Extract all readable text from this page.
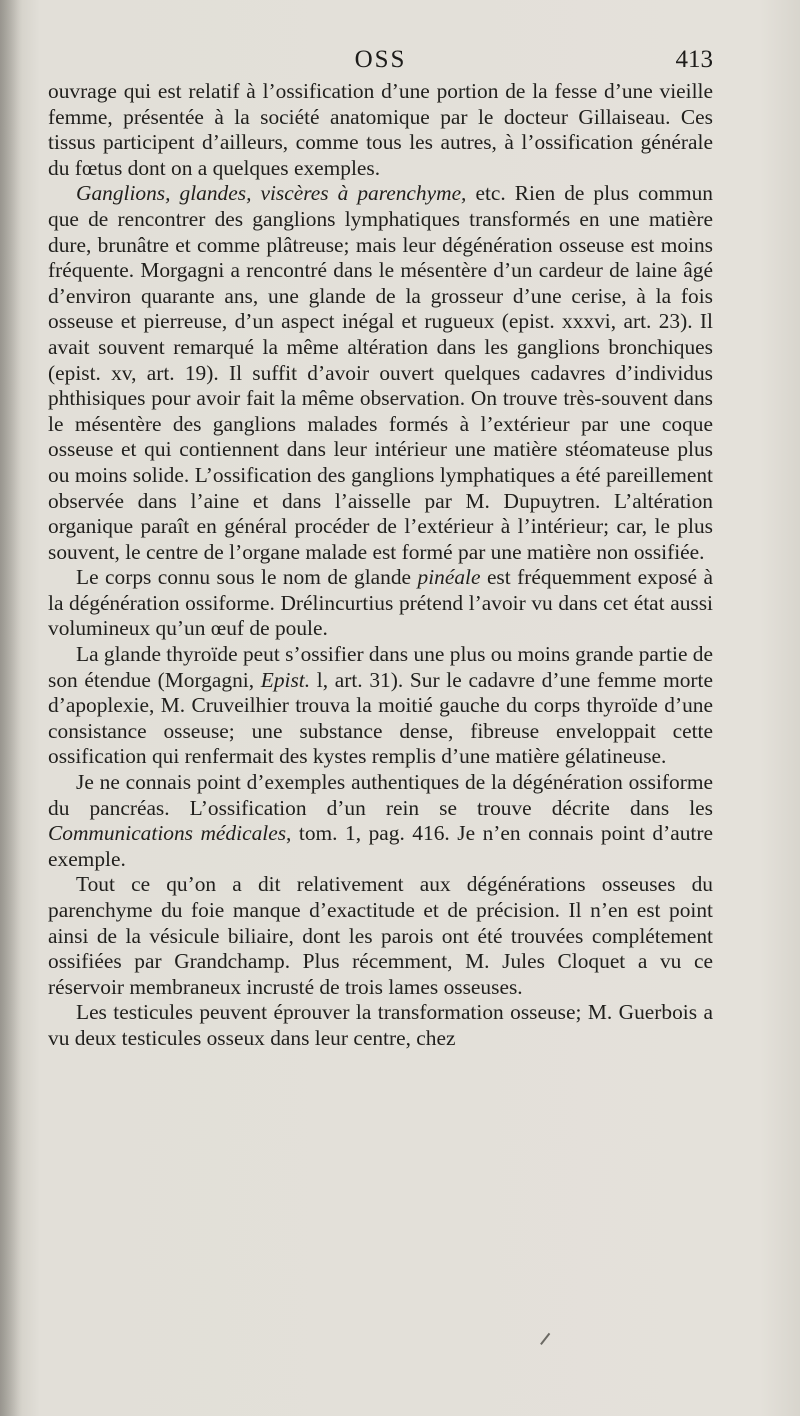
OSS	413

ouvrage qui est relatif à l’ossification d’une portion de la fesse d’une vieille femme, présentée à la société anatomique par le docteur Gillaiseau. Ces tissus participent d’ailleurs, comme tous les autres, à l’ossification générale du fœtus dont on a quelques exemples.

Ganglions, glandes, viscères à parenchyme, etc. Rien de plus commun que de rencontrer des ganglions lymphatiques transformés en une matière dure, brunâtre et comme plâtreuse; mais leur dégénération osseuse est moins fréquente. Morgagni a rencontré dans le mésentère d’un cardeur de laine âgé d’environ quarante ans, une glande de la grosseur d’une cerise, à la fois osseuse et pierreuse, d’un aspect inégal et rugueux (epist. xxxvi, art. 23). Il avait souvent remarqué la même altération dans les ganglions bronchiques (epist. xv, art. 19). Il suffit d’avoir ouvert quelques cadavres d’individus phthisiques pour avoir fait la même observation. On trouve très-souvent dans le mésentère des ganglions malades formés à l’extérieur par une coque osseuse et qui contiennent dans leur intérieur une matière stéomateuse plus ou moins solide. L’ossification des ganglions lymphatiques a été pareillement observée dans l’aine et dans l’aisselle par M. Dupuytren. L’altération organique paraît en général procéder de l’extérieur à l’intérieur; car, le plus souvent, le centre de l’organe malade est formé par une matière non ossifiée.

Le corps connu sous le nom de glande pinéale est fréquemment exposé à la dégénération ossiforme. Drélincurtius prétend l’avoir vu dans cet état aussi volumineux qu’un œuf de poule.

La glande thyroïde peut s’ossifier dans une plus ou moins grande partie de son étendue (Morgagni, Epist. l, art. 31). Sur le cadavre d’une femme morte d’apoplexie, M. Cruveilhier trouva la moitié gauche du corps thyroïde d’une consistance osseuse; une substance dense, fibreuse enveloppait cette ossification qui renfermait des kystes remplis d’une matière gélatineuse.

Je ne connais point d’exemples authentiques de la dégénération ossiforme du pancréas. L’ossification d’un rein se trouve décrite dans les Communications médicales, tom. 1, pag. 416. Je n’en connais point d’autre exemple.

Tout ce qu’on a dit relativement aux dégénérations osseuses du parenchyme du foie manque d’exactitude et de précision. Il n’en est point ainsi de la vésicule biliaire, dont les parois ont été trouvées complétement ossifiées par Grandchamp. Plus récemment, M. Jules Cloquet a vu ce réservoir membraneux incrusté de trois lames osseuses.

Les testicules peuvent éprouver la transformation osseuse; M. Guerbois a vu deux testicules osseux dans leur centre, chez
